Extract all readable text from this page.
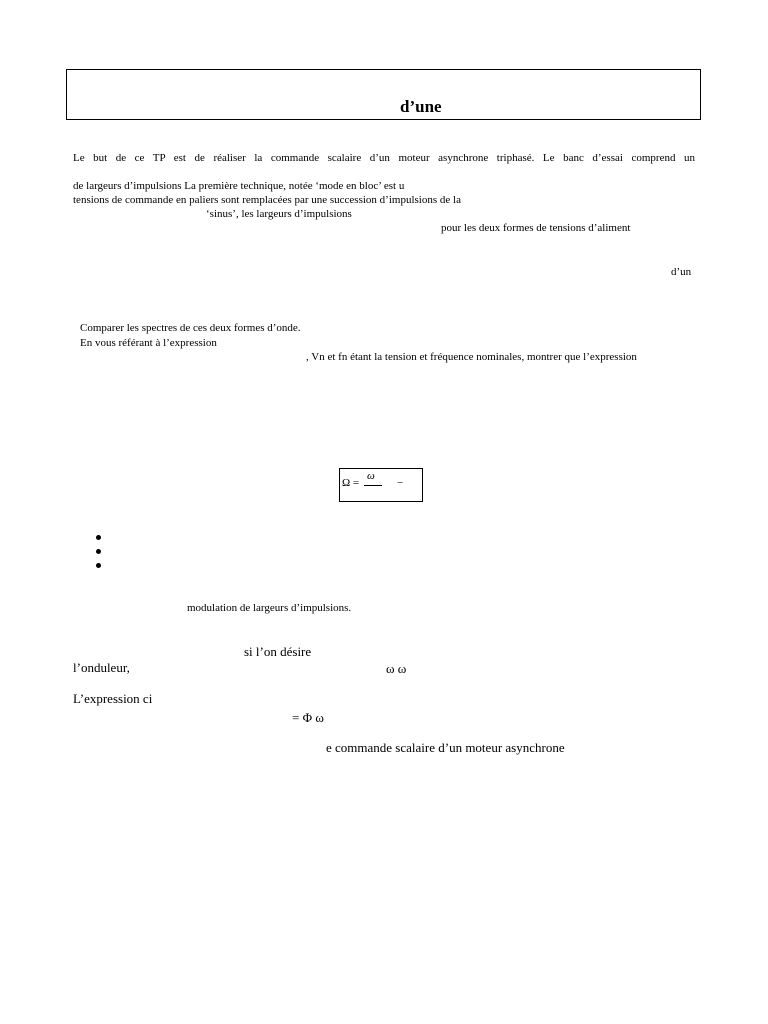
d’une
Le but de ce TP est de réaliser la commande scalaire d’un moteur asynchrone triphasé. Le banc d’essai comprend un
de largeurs d’impulsions La première technique, notée ‘mode en bloc’ est u
tensions de commande en paliers sont remplacées par une succession d’impulsions de la
‘sinus’, les largeurs d’impulsions
pour les deux formes de tensions d’aliment
d’un
Comparer les spectres de ces deux formes d’onde.
En vous référant à l’expression
, Vn et fn étant la tension et fréquence nominales, montrer que l’expression
Ω =
ω
−
modulation de largeurs d’impulsions.
si l’on désire
l’onduleur,	ω ω
L’expression ci
= Φ ω
e commande scalaire d’un moteur asynchrone
